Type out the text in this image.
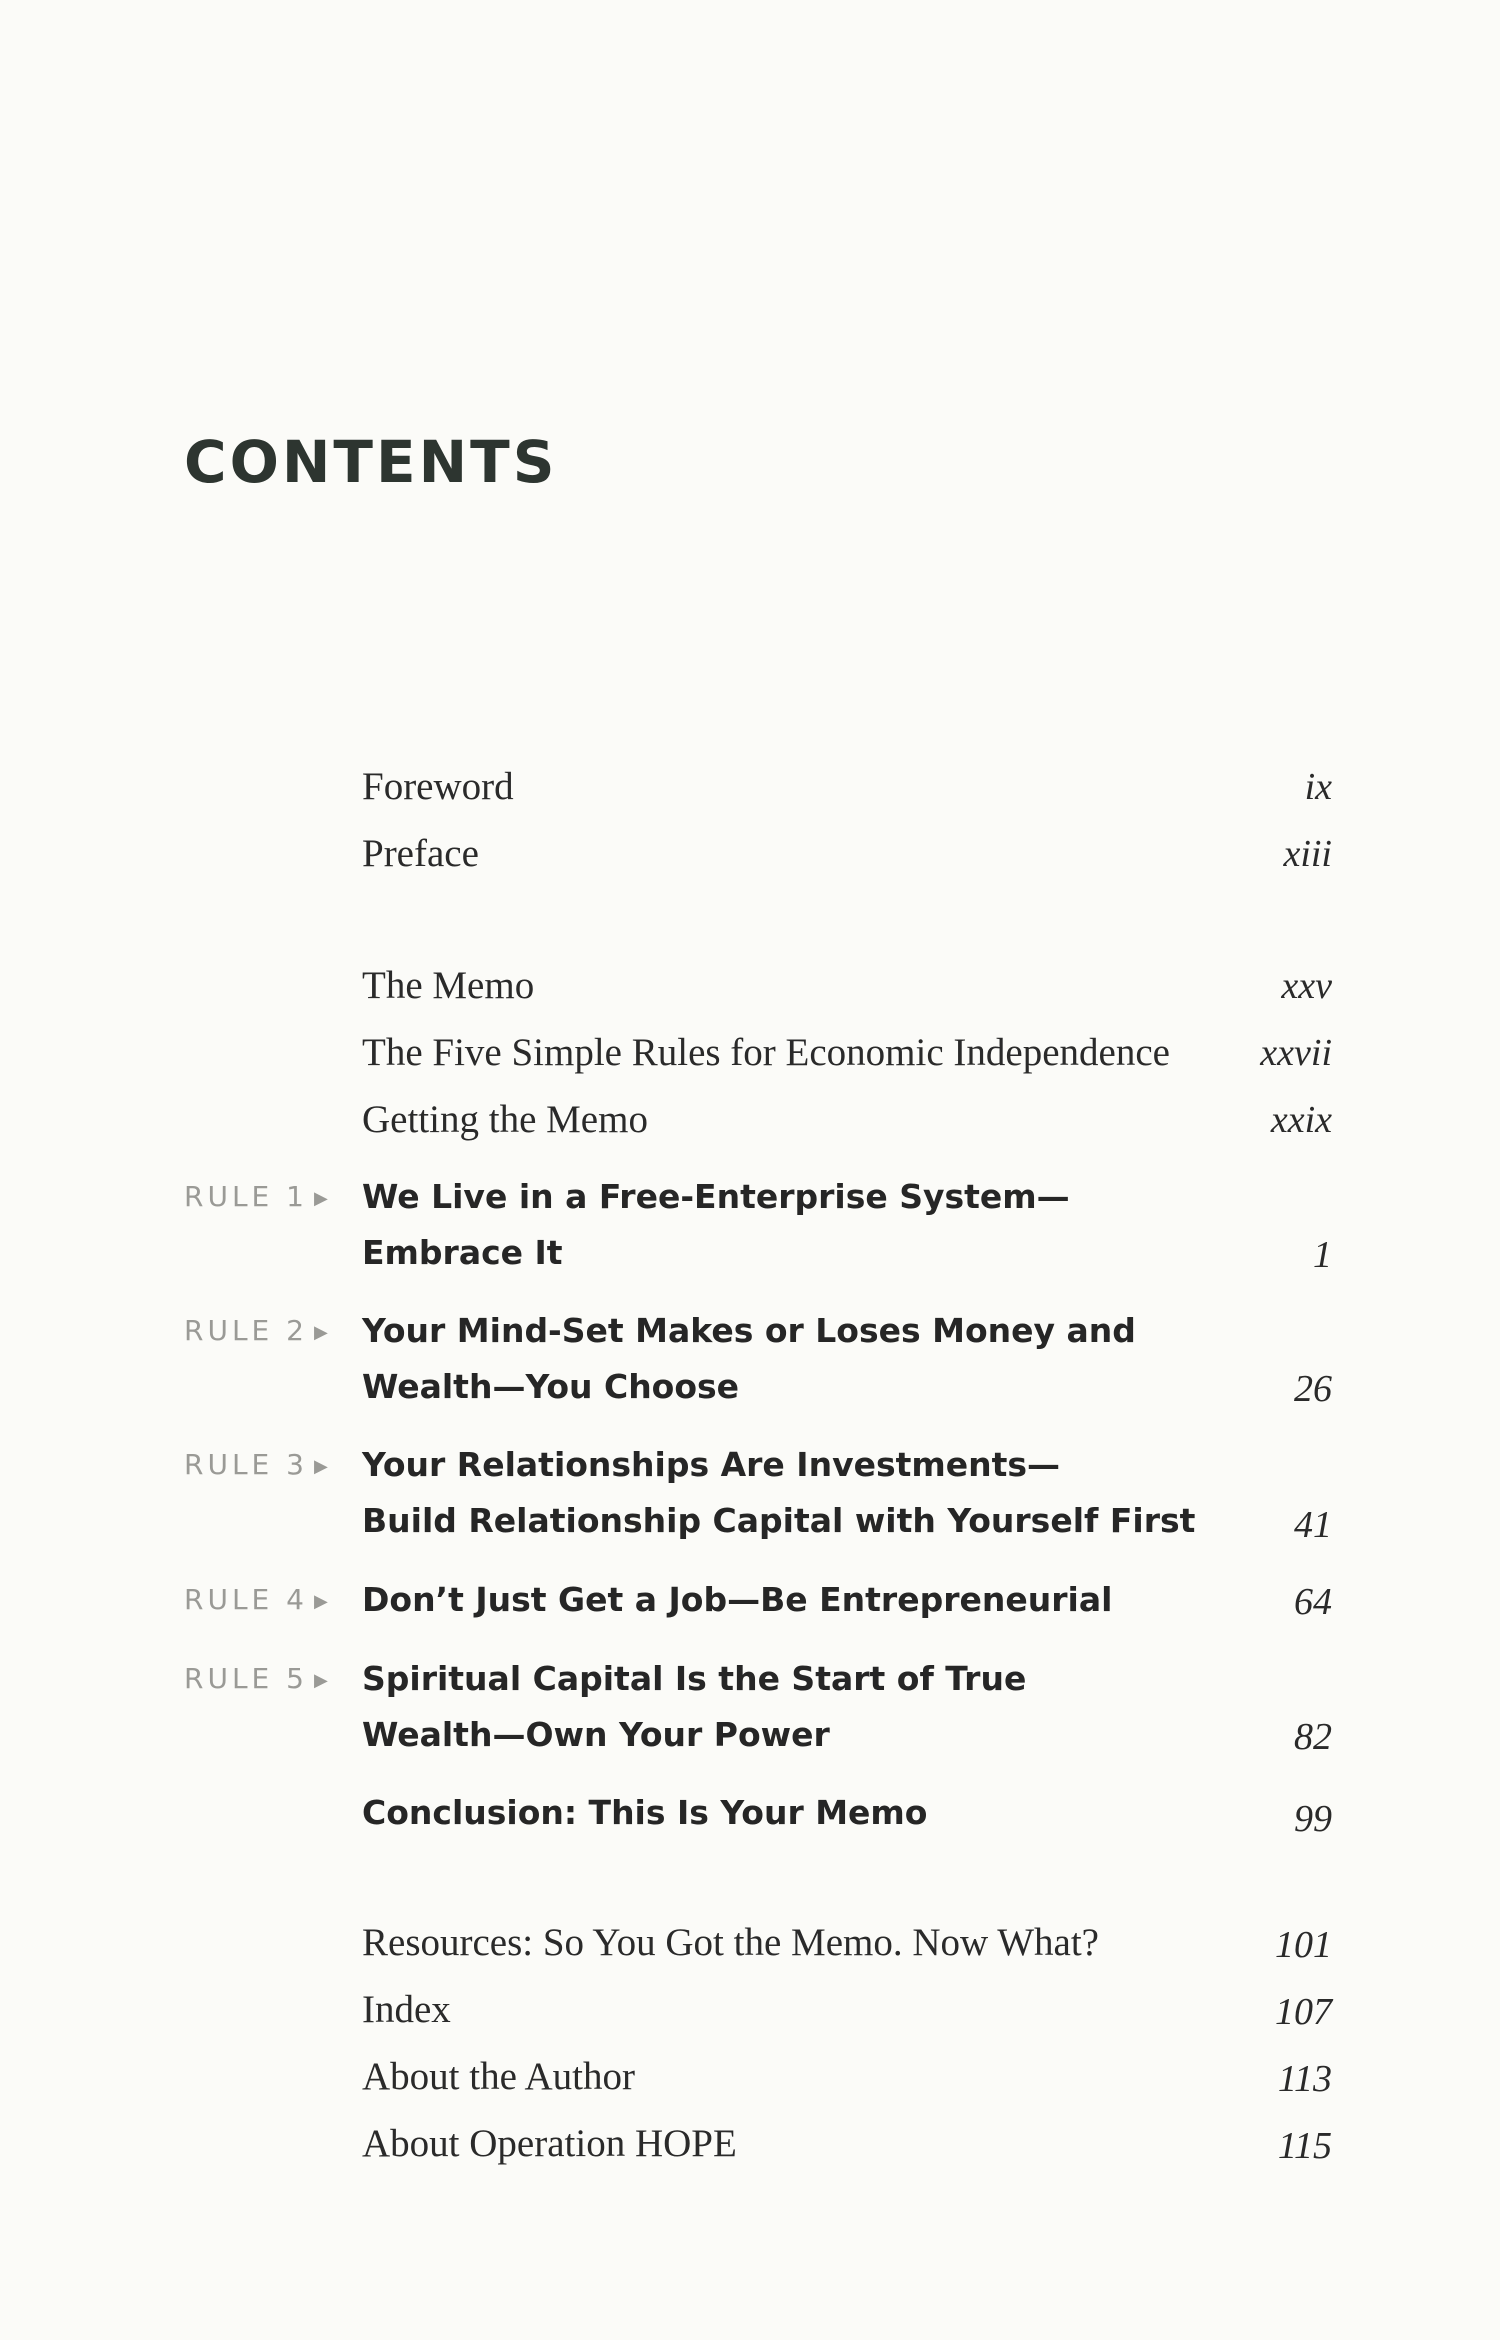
CONTENTS
Foreword	ix
Preface	xiii
The Memo	xxv
The Five Simple Rules for Economic Independence xxvii
Getting the Memo	xxix
RULE 1 ▶ We Live in a Free-Enterprise System—
Embrace It	1
RULE 2 ▶ Your Mind-Set Makes or Loses Money and
Wealth—You Choose	26
RULE 3 ▶ Your Relationships Are Investments—
Build Relationship Capital with Yourself First	41
RULE 4 ▶ Don’t Just Get a Job—Be Entrepreneurial	64
RULE 5 ▶ Spiritual Capital Is the Start of True
Wealth—Own Your Power	82
Conclusion: This Is Your Memo	99
Resources: So You Got the Memo. Now What?	101
Index	107
About the Author	113
About Operation HOPE	115
